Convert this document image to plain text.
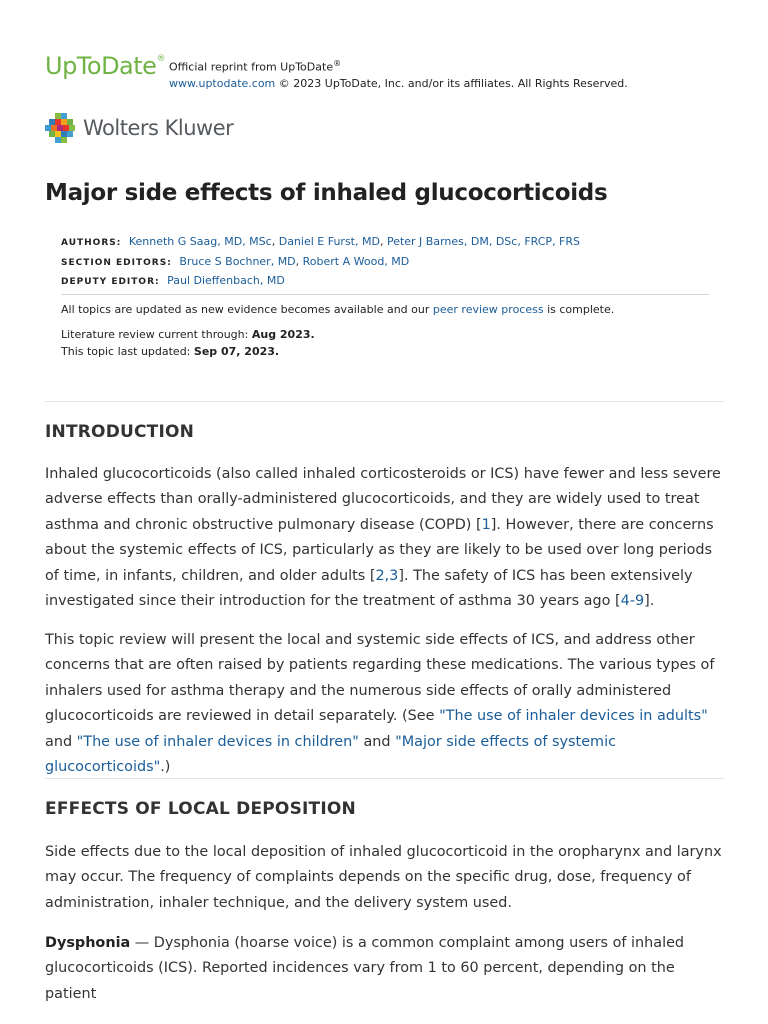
UpToDate®
Official reprint from UpToDate®
www.uptodate.com © 2023 UpToDate, Inc. and/or its affiliates. All Rights Reserved.
Wolters Kluwer
Major side effects of inhaled glucocorticoids
AUTHORS: Kenneth G Saag, MD, MSc, Daniel E Furst, MD, Peter J Barnes, DM, DSc, FRCP, FRS
SECTION EDITORS: Bruce S Bochner, MD, Robert A Wood, MD
DEPUTY EDITOR: Paul Dieffenbach, MD

All topics are updated as new evidence becomes available and our peer review process is complete.

Literature review current through: Aug 2023.

This topic last updated: Sep 07, 2023.

INTRODUCTION

Inhaled glucocorticoids (also called inhaled corticosteroids or ICS) have fewer and less severe adverse effects than orally-administered glucocorticoids, and they are widely used to treat asthma and chronic obstructive pulmonary disease (COPD) [1]. However, there are concerns about the systemic effects of ICS, particularly as they are likely to be used over long periods of time, in infants, children, and older adults [2,3]. The safety of ICS has been extensively investigated since their introduction for the treatment of asthma 30 years ago [4-9].

This topic review will present the local and systemic side effects of ICS, and address other concerns that are often raised by patients regarding these medications. The various types of inhalers used for asthma therapy and the numerous side effects of orally administered glucocorticoids are reviewed in detail separately. (See "The use of inhaler devices in adults" and "The use of inhaler devices in children" and "Major side effects of systemic glucocorticoids".)

EFFECTS OF LOCAL DEPOSITION

Side effects due to the local deposition of inhaled glucocorticoid in the oropharynx and larynx may occur. The frequency of complaints depends on the specific drug, dose, frequency of administration, inhaler technique, and the delivery system used.

Dysphonia — Dysphonia (hoarse voice) is a common complaint among users of inhaled glucocorticoids (ICS). Reported incidences vary from 1 to 60 percent, depending on the patient
